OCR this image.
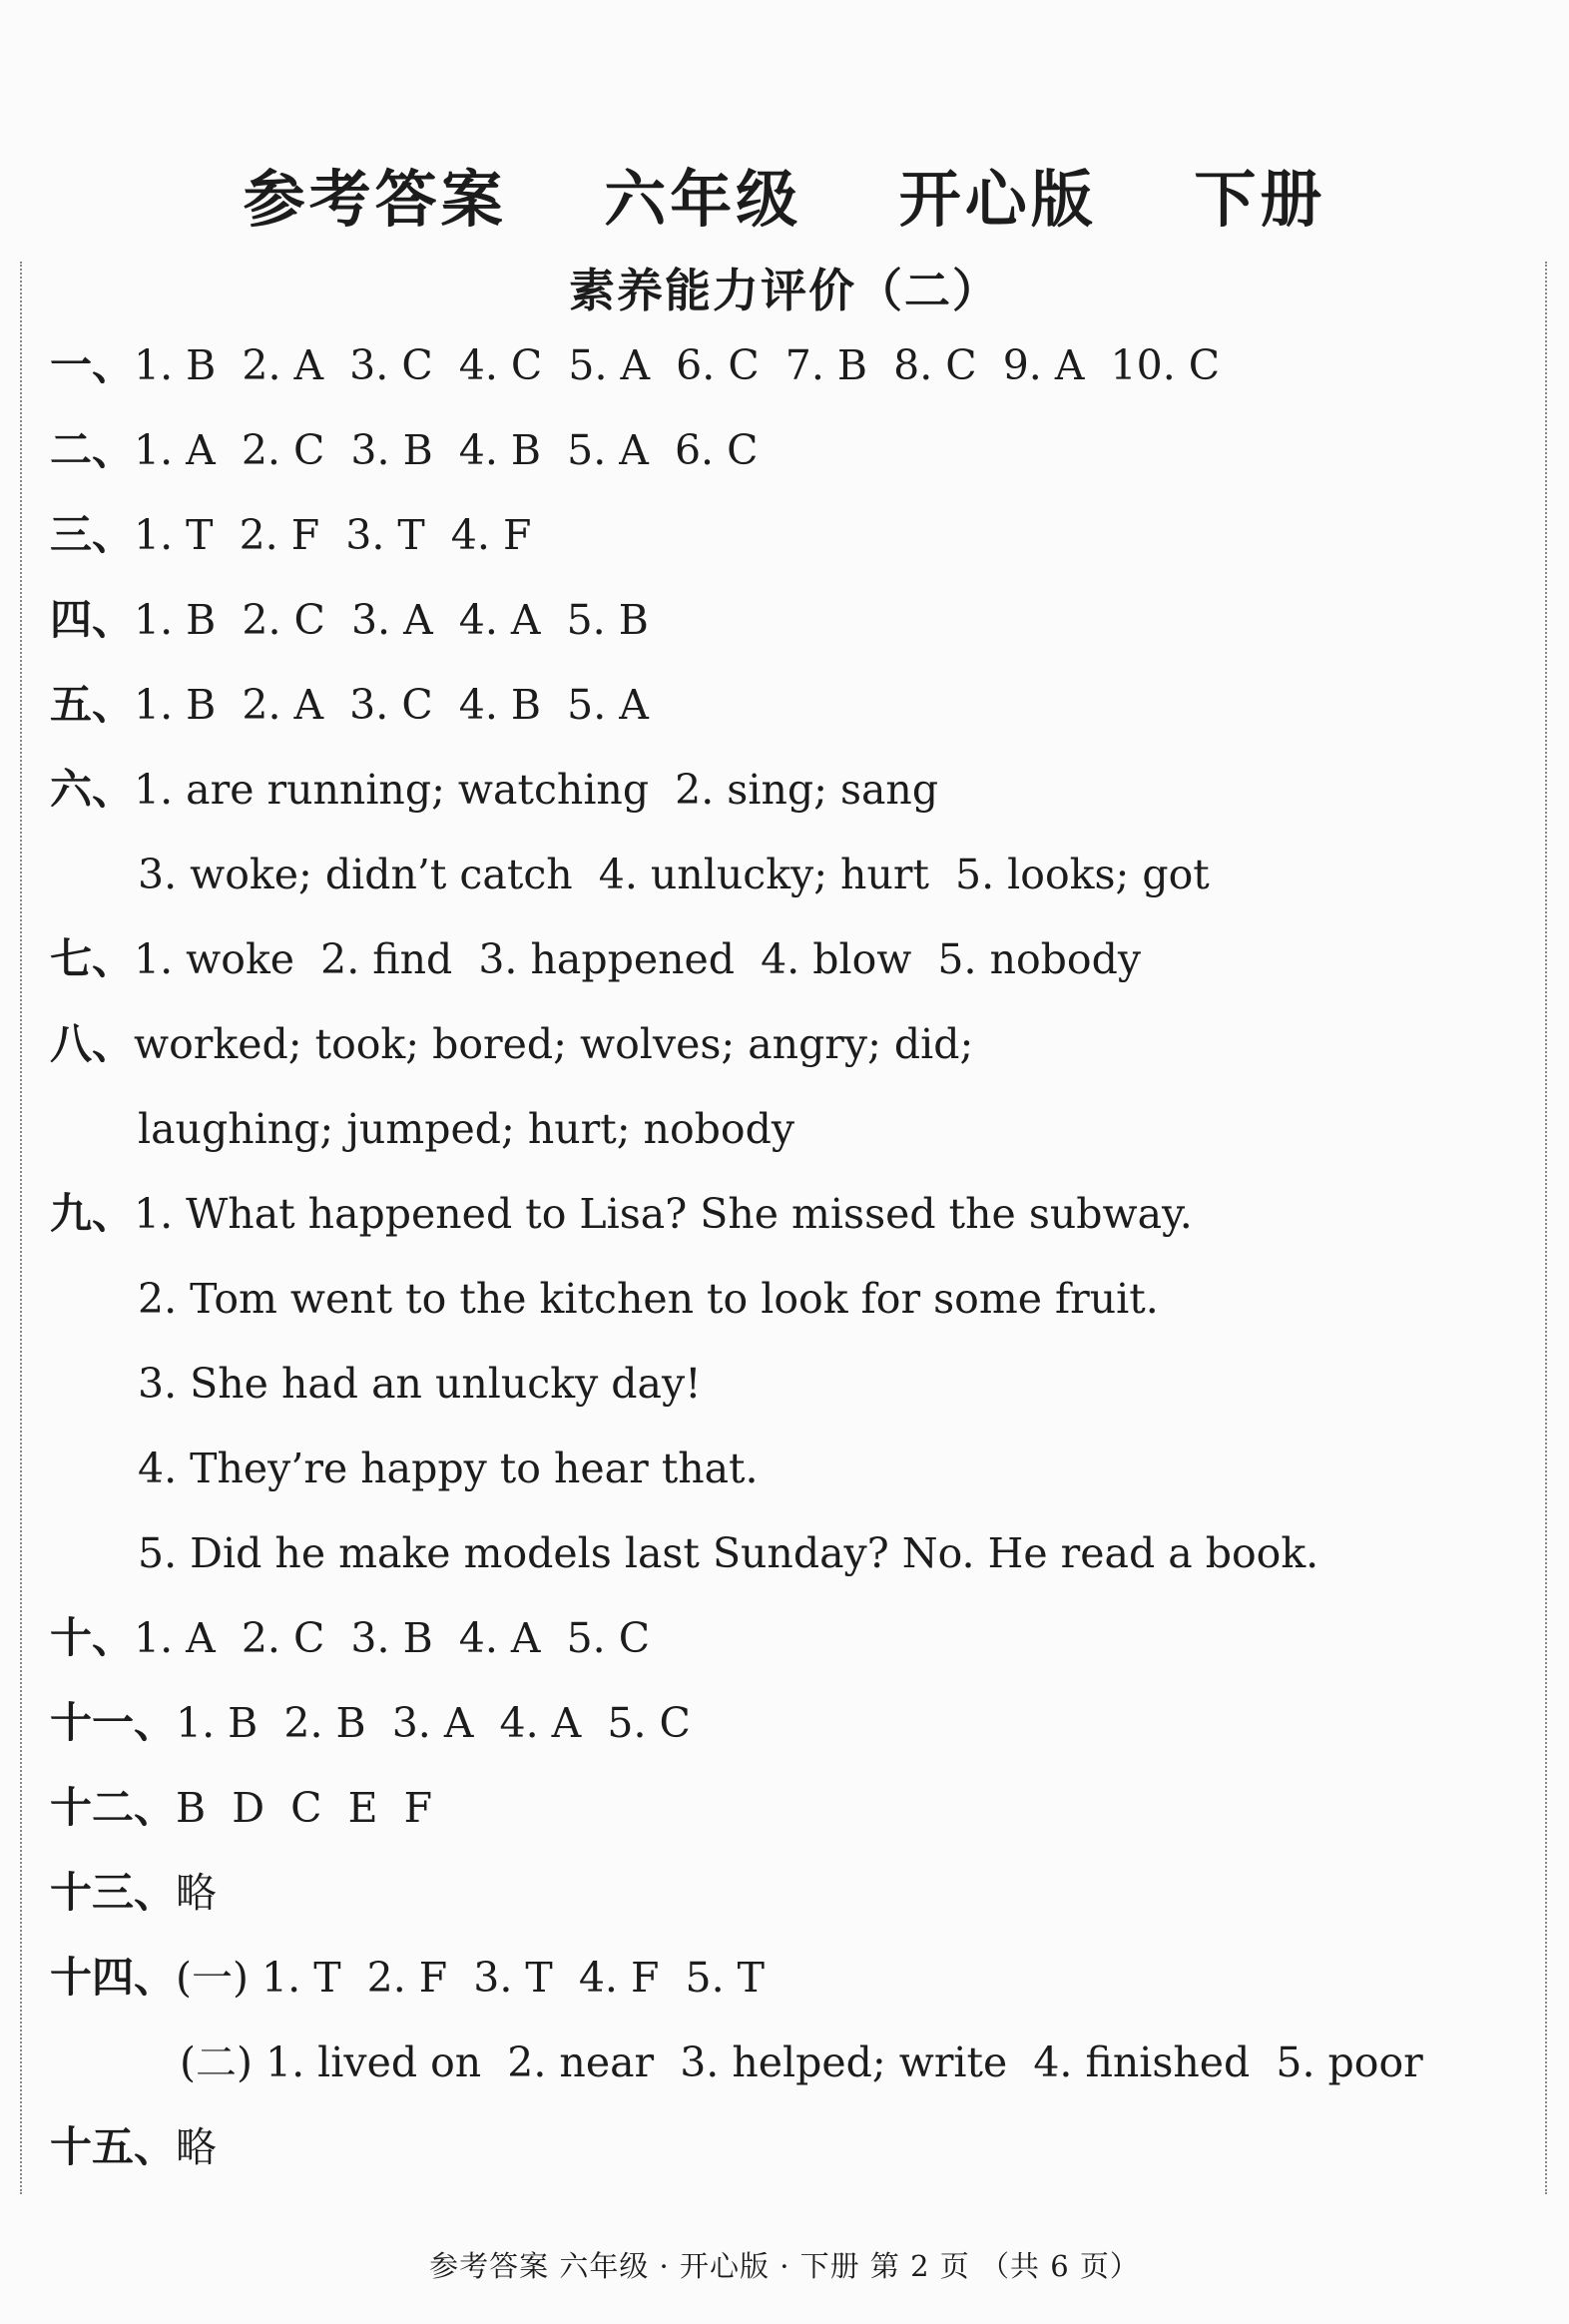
参考答案 六年级 开心版 下册
素养能力评价（二）
一、1. B  2. A  3. C  4. C  5. A  6. C  7. B  8. C  9. A  10. C
二、1. A  2. C  3. B  4. B  5. A  6. C
三、1. T  2. F  3. T  4. F
四、1. B  2. C  3. A  4. A  5. B
五、1. B  2. A  3. C  4. B  5. A
六、1. are running; watching  2. sing; sang
3. woke; didn’t catch  4. unlucky; hurt  5. looks; got
七、1. woke  2. find  3. happened  4. blow  5. nobody
八、worked; took; bored; wolves; angry; did;
laughing; jumped; hurt; nobody
九、1. What happened to Lisa? She missed the subway.
2. Tom went to the kitchen to look for some fruit.
3. She had an unlucky day!
4. They’re happy to hear that.
5. Did he make models last Sunday? No. He read a book.
十、1. A  2. C  3. B  4. A  5. C
十一、1. B  2. B  3. A  4. A  5. C
十二、B  D  C  E  F
十三、略
十四、(一) 1. T  2. F  3. T  4. F  5. T
(二) 1. lived on  2. near  3. helped; write  4. finished  5. poor
十五、略
参考答案 六年级 · 开心版 · 下册 第 2 页 （共 6 页）
